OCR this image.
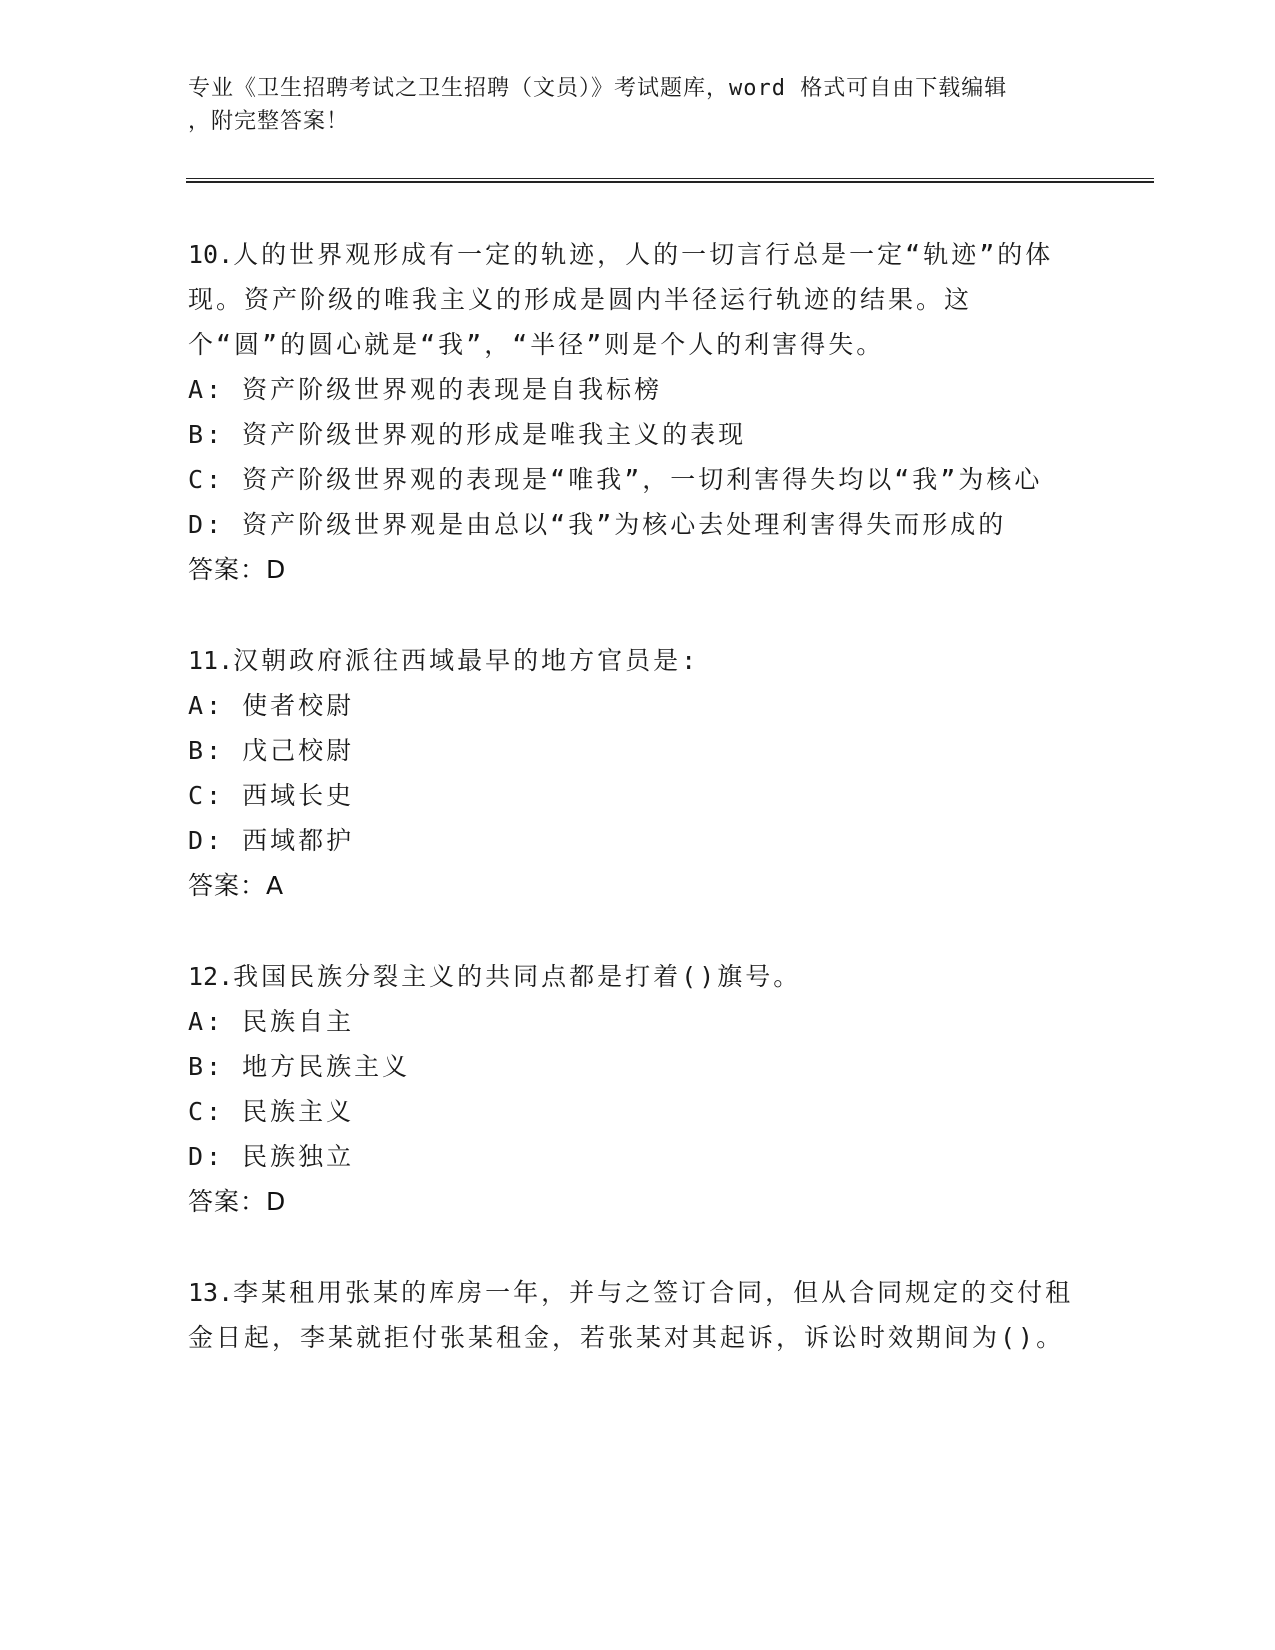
专业《卫生招聘考试之卫生招聘（文员）》考试题库，word 格式可自由下载编辑
，附完整答案！
10.人的世界观形成有一定的轨迹，人的一切言行总是一定“轨迹”的体现。资产阶级的唯我主义的形成是圆内半径运行轨迹的结果。这个“圆”的圆心就是“我”，“半径”则是个人的利害得失。
A: 资产阶级世界观的表现是自我标榜
B: 资产阶级世界观的形成是唯我主义的表现
C: 资产阶级世界观的表现是“唯我”，一切利害得失均以“我”为核心
D: 资产阶级世界观是由总以“我”为核心去处理利害得失而形成的
答案：D
11.汉朝政府派往西域最早的地方官员是:
A: 使者校尉
B: 戊己校尉
C: 西域长史
D: 西域都护
答案：A
12.我国民族分裂主义的共同点都是打着()旗号。
A: 民族自主
B: 地方民族主义
C: 民族主义
D: 民族独立
答案：D
13.李某租用张某的库房一年，并与之签订合同，但从合同规定的交付租金日起，李某就拒付张某租金，若张某对其起诉，诉讼时效期间为()。
